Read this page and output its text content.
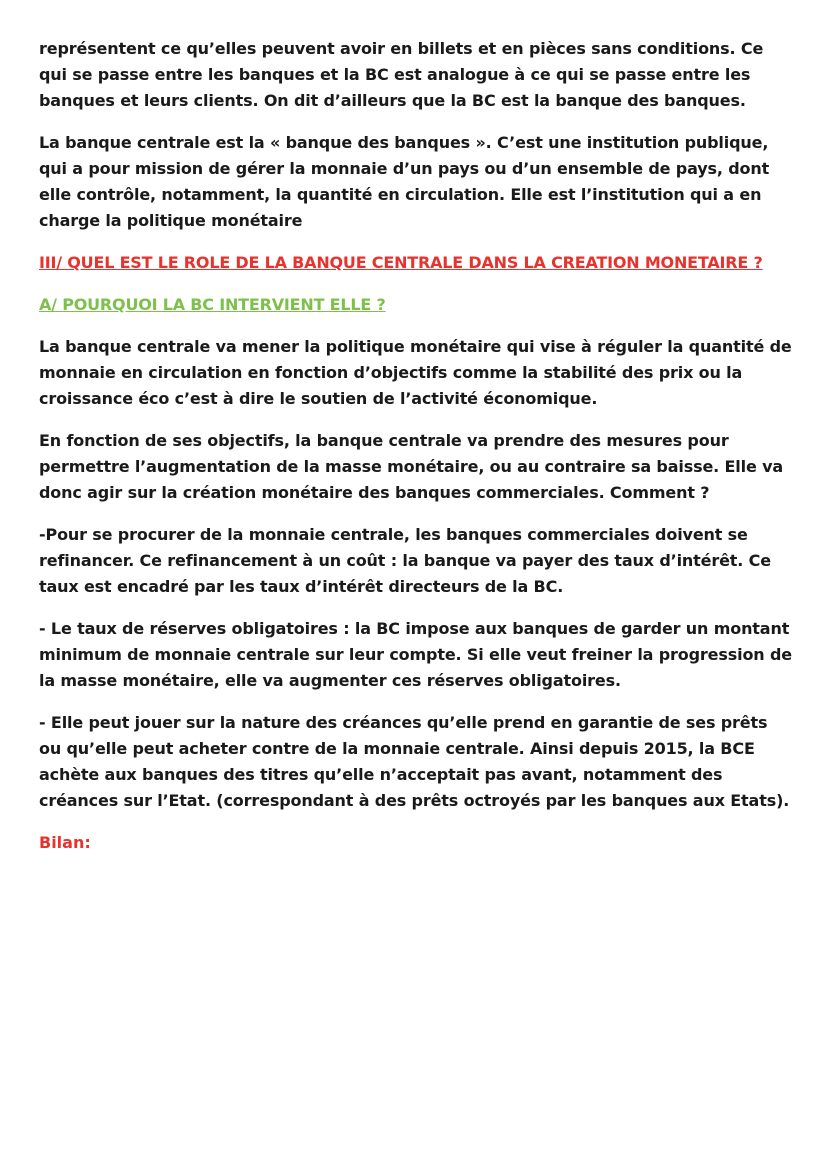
représentent ce qu’elles peuvent avoir en billets et en pièces sans conditions. Ce qui se passe entre les banques et la BC est analogue à ce qui se passe entre les banques et leurs clients. On dit d’ailleurs que la BC est la banque des banques.

La banque centrale est la « banque des banques ». C’est une institution publique, qui a pour mission de gérer la monnaie d’un pays ou d’un ensemble de pays, dont elle contrôle, notamment, la quantité en circulation. Elle est l’institution qui a en charge la politique monétaire

III/ QUEL EST LE ROLE DE LA BANQUE CENTRALE DANS LA CREATION MONETAIRE ?

A/ POURQUOI LA BC INTERVIENT ELLE ?

La banque centrale va mener la politique monétaire qui vise à réguler la quantité de monnaie en circulation en fonction d’objectifs comme la stabilité des prix ou la croissance éco c’est à dire le soutien de l’activité économique.

En fonction de ses objectifs, la banque centrale va prendre des mesures pour permettre l’augmentation de la masse monétaire, ou au contraire sa baisse. Elle va donc agir sur la création monétaire des banques commerciales. Comment ?

-Pour se procurer de la monnaie centrale, les banques commerciales doivent se refinancer. Ce refinancement à un coût : la banque va payer des taux d’intérêt. Ce taux est encadré par les taux d’intérêt directeurs de la BC.

- Le taux de réserves obligatoires : la BC impose aux banques de garder un montant minimum de monnaie centrale sur leur compte. Si elle veut freiner la progression de la masse monétaire, elle va augmenter ces réserves obligatoires.

- Elle peut jouer sur la nature des créances qu’elle prend en garantie de ses prêts ou qu’elle peut acheter contre de la monnaie centrale. Ainsi depuis 2015, la BCE achète aux banques des titres qu’elle n’acceptait pas avant, notamment des créances sur l’Etat. (correspondant à des prêts octroyés par les banques aux Etats).

Bilan:
